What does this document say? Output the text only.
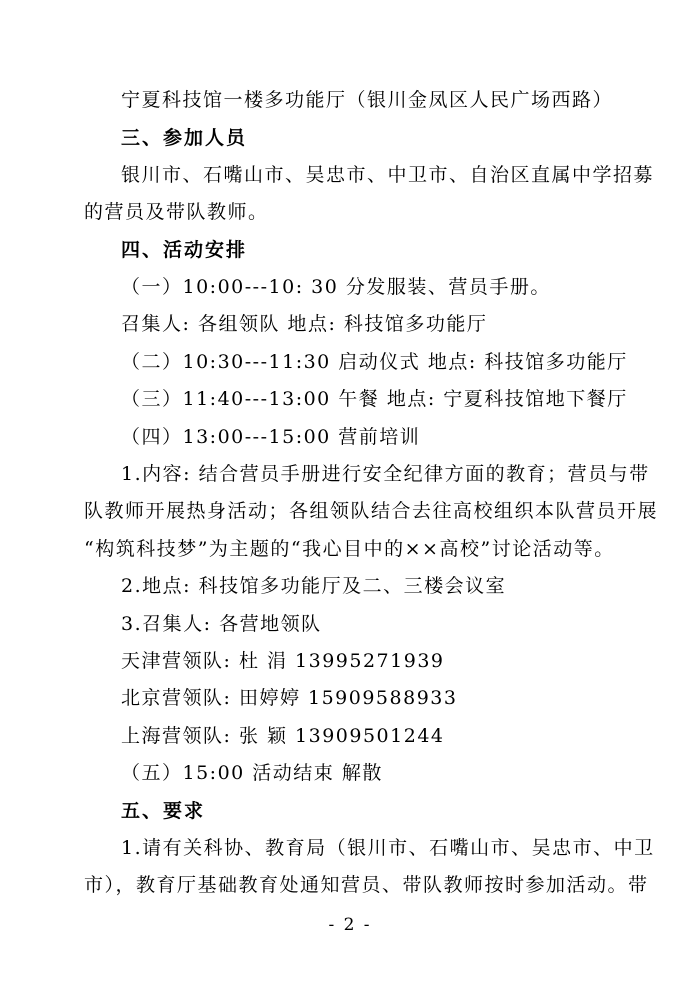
宁夏科技馆一楼多功能厅（银川金凤区人民广场西路）
三、参加人员
银川市、石嘴山市、吴忠市、中卫市、自治区直属中学招募
的营员及带队教师。
四、活动安排
（一）10:00---10: 30 分发服装、营员手册。
召集人: 各组领队 地点: 科技馆多功能厅
（二）10:30---11:30 启动仪式 地点: 科技馆多功能厅
（三）11:40---13:00 午餐 地点: 宁夏科技馆地下餐厅
（四）13:00---15:00 营前培训
1.内容: 结合营员手册进行安全纪律方面的教育；营员与带
队教师开展热身活动；各组领队结合去往高校组织本队营员开展
“构筑科技梦”为主题的“我心目中的××高校”讨论活动等。
2.地点: 科技馆多功能厅及二、三楼会议室
3.召集人: 各营地领队
天津营领队: 杜 涓 13995271939
北京营领队: 田婷婷 15909588933
上海营领队: 张 颖 13909501244
（五）15:00 活动结束 解散
五、要求
1.请有关科协、教育局（银川市、石嘴山市、吴忠市、中卫
市），教育厅基础教育处通知营员、带队教师按时参加活动。带
- 2 -
